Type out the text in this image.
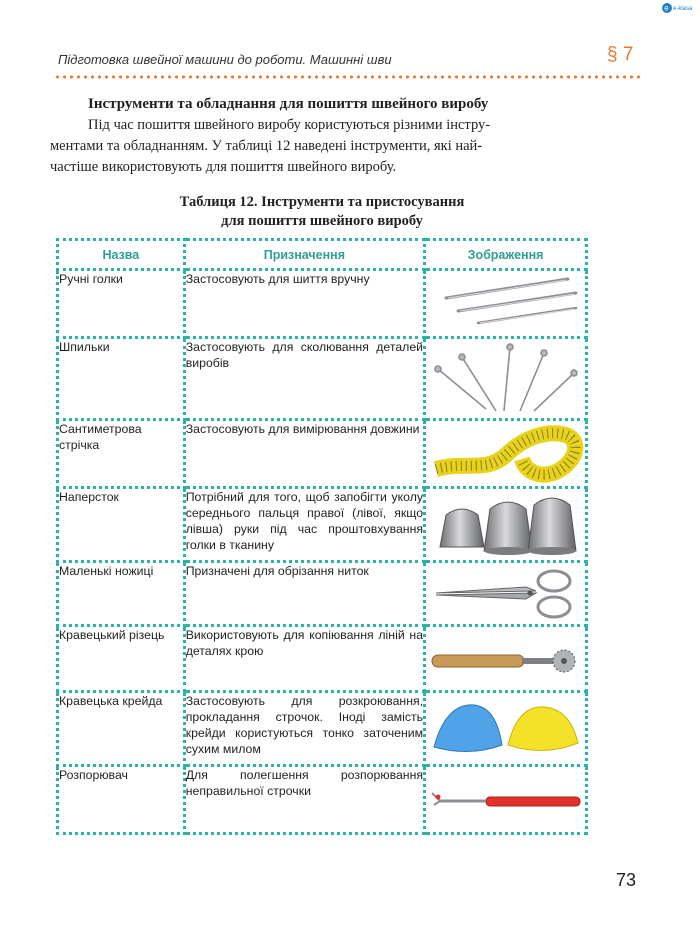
e e-klasa
Підготовка швейної машини до роботи. Машинні шви	§ 7
Інструменти та обладнання для пошиття швейного виробу
Під час пошиття швейного виробу користуються різними інстру-
ментами та обладнанням. У таблиці 12 наведені інструменти, які най-
частіше використовують для пошиття швейного виробу.
Таблиця 12. Інструменти та пристосування
для пошиття швейного виробу
Назва	Призначення	Зображення
Ручні голки	Застосовують для шиття вручну	

Шпильки	Застосовують для сколювання деталей виробів	

Сантиметрова стрічка	Застосовують для вимірювання довжини	

Наперсток	Потрібний для того, щоб запобігти уколу середнього пальця правої (лівої, якщо лівша) руки під час проштовхування голки в тканину	

Маленькі ножиці	Призначені для обрізання ниток	

Кравецький різець	Використовують для копіювання ліній на деталях крою	

Кравецька крейда	Застосовують для розкроювання, прокладання строчок. Іноді замість крейди користуються тонко заточеним сухим милом	

Розпорювач	Для полегшення розпорювання неправильної строчки	
73
